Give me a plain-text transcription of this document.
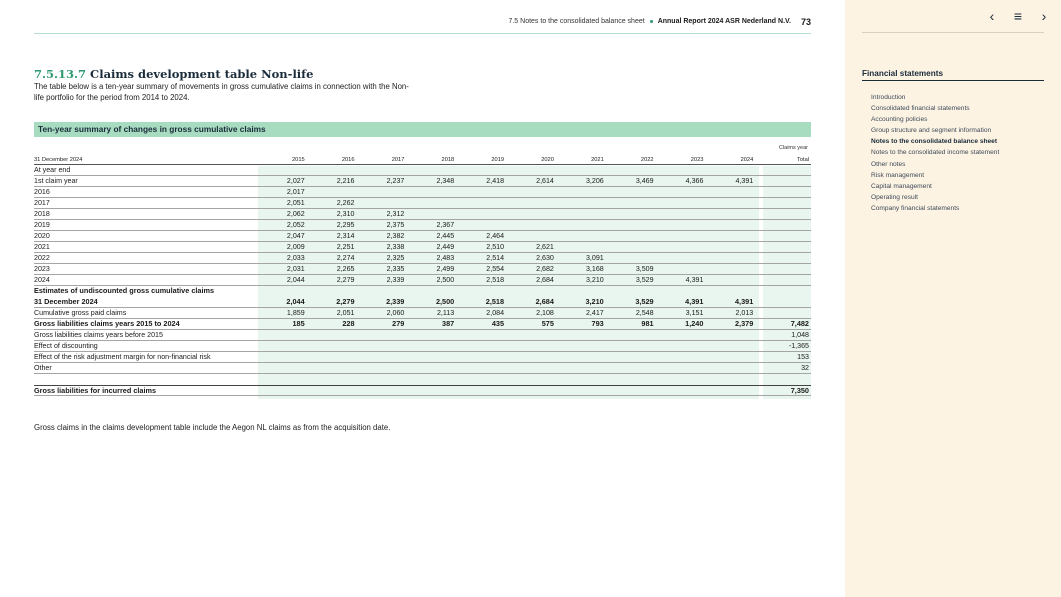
7.5 Notes to the consolidated balance sheet Annual Report 2024 ASR Nederland N.V. 73
7.5.13.7 Claims development table Non-life
The table below is a ten-year summary of movements in gross cumulative claims in connection with the Non-life portfolio for the period from 2014 to 2024.
Ten-year summary of changes in gross cumulative claims
Claims year
31 December 2024	2015	2016	2017	2018	2019	2020	2021	2022	2023	2024	Total
At year end
1st claim year	2,027	2,216	2,237	2,348	2,418	2,614	3,206	3,469	4,366	4,391
2016	2,017
2017	2,051	2,262
2018	2,062	2,310	2,312
2019	2,052	2,295	2,375	2,367
2020	2,047	2,314	2,382	2,445	2,464
2021	2,009	2,251	2,338	2,449	2,510	2,621
2022	2,033	2,274	2,325	2,483	2,514	2,630	3,091
2023	2,031	2,265	2,335	2,499	2,554	2,682	3,168	3,509
2024	2,044	2,279	2,339	2,500	2,518	2,684	3,210	3,529	4,391
Estimates of undiscounted gross cumulative claims
31 December 2024	2,044	2,279	2,339	2,500	2,518	2,684	3,210	3,529	4,391	4,391
Cumulative gross paid claims	1,859	2,051	2,060	2,113	2,084	2,108	2,417	2,548	3,151	2,013
Gross liabilities claims years 2015 to 2024	185	228	279	387	435	575	793	981	1,240	2,379	7,482
Gross liabilities claims years before 2015	1,048
Effect of discounting	-1,365
Effect of the risk adjustment margin for non-financial risk	153
Other	32
Gross liabilities for incurred claims	7,350
Gross claims in the claims development table include the Aegon NL claims as from the acquisition date.
‹ ≡ ›
Financial statements
Introduction
Consolidated financial statements
Accounting policies
Group structure and segment information
Notes to the consolidated balance sheet
Notes to the consolidated income statement
Other notes
Risk management
Capital management
Operating result
Company financial statements
